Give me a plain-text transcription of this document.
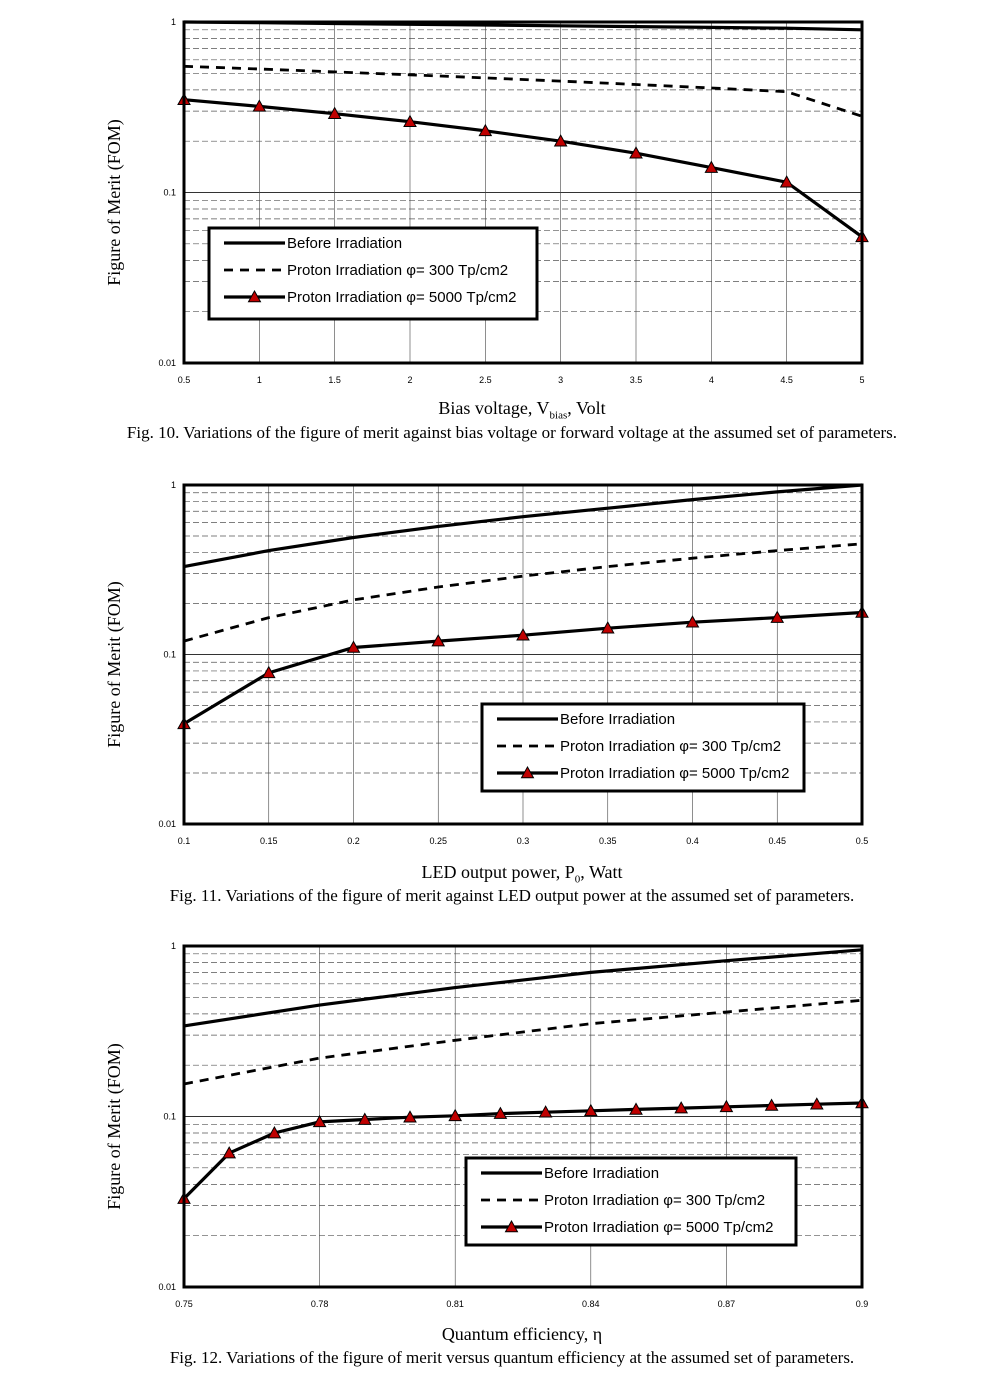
1
0.1
0.01
0.5	1	1.5	2	2.5	3	3.5	4	4.5	5
Figure of Merit (FOM)	Before Irradiation
Proton Irradiation φ= 300 Tp/cm2
Proton Irradiation φ= 5000 Tp/cm2
Bias voltage, $V_{bias}$, Volt
Fig. 10. Variations of the figure of merit against bias voltage or forward voltage at the assumed set of parameters.
1
0.1
0.01
0.1	0.15	0.2	0.25	0.3	0.35	0.4	0.45	0.5
Figure of Merit (FOM)	Before Irradiation
Proton Irradiation φ= 300 Tp/cm2
Proton Irradiation φ= 5000 Tp/cm2
LED output power, $P_0$, Watt
Fig. 11. Variations of the figure of merit against LED output power at the assumed set of parameters.
1
0.1
0.01
0.75	0.78	0.81	0.84	0.87	0.9
Figure of Merit (FOM)	Before Irradiation
Proton Irradiation φ= 300 Tp/cm2
Proton Irradiation φ= 5000 Tp/cm2
Quantum efficiency, η
Fig. 12. Variations of the figure of merit versus quantum efficiency at the assumed set of parameters.
